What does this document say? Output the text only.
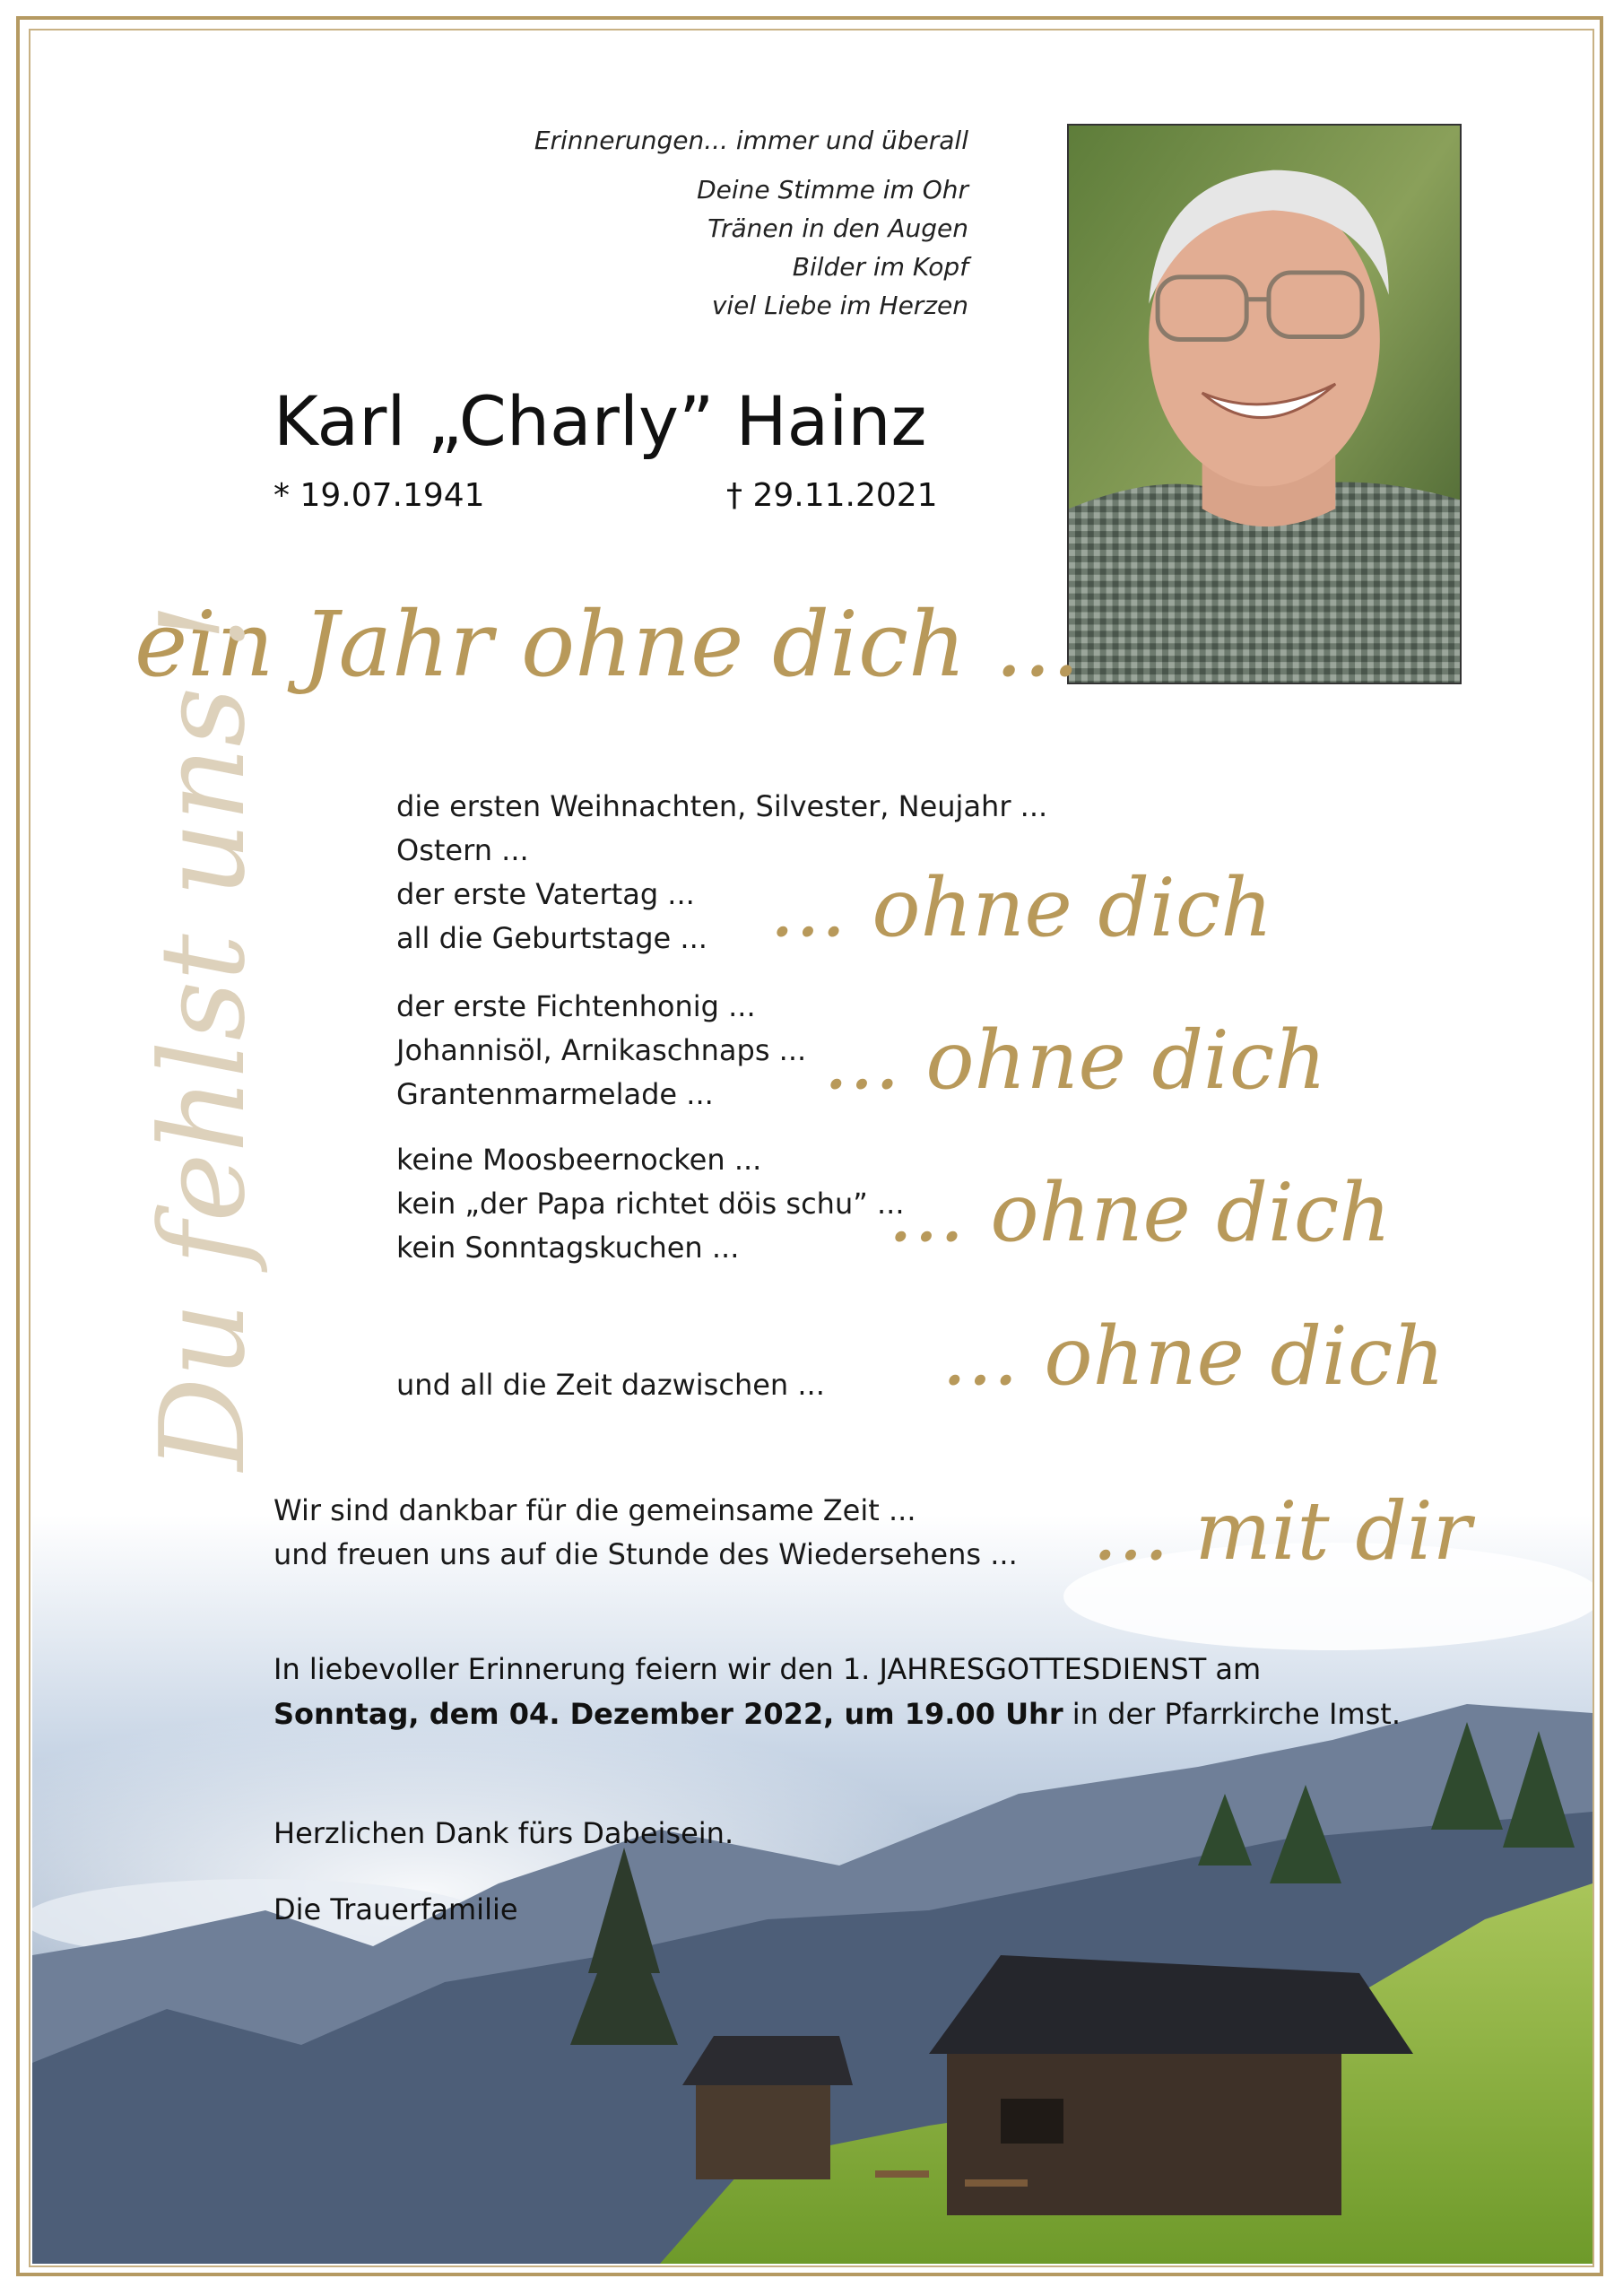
Erinnerungen... immer und überall
Deine Stimme im Ohr
Tränen in den Augen
Bilder im Kopf
viel Liebe im Herzen
Karl „Charly” Hainz
* 19.07.1941	† 29.11.2021
ein Jahr ohne dich ...
Du fehlst uns !	die ersten Weihnachten, Silvester, Neujahr ...
Ostern ...
der erste Vatertag ...
all die Geburtstage ... ... ohne dich
der erste Fichtenhonig ...
Johannisöl, Arnikaschnaps ...
Grantenmarmelade ...	... ohne dich
keine Moosbeernocken ...
kein „der Papa richtet döis schu” ...
kein Sonntagskuchen ...	... ohne dich
und all die Zeit dazwischen ... ... ohne dich
Wir sind dankbar für die gemeinsame Zeit ...
und freuen uns auf die Stunde des Wiedersehens ... ... mit dir
In liebevoller Erinnerung feiern wir den 1. JAHRESGOTTESDIENST am
Sonntag, dem 04. Dezember 2022, um 19.00 Uhr in der Pfarrkirche Imst.
Herzlichen Dank fürs Dabeisein.
Die Trauerfamilie
